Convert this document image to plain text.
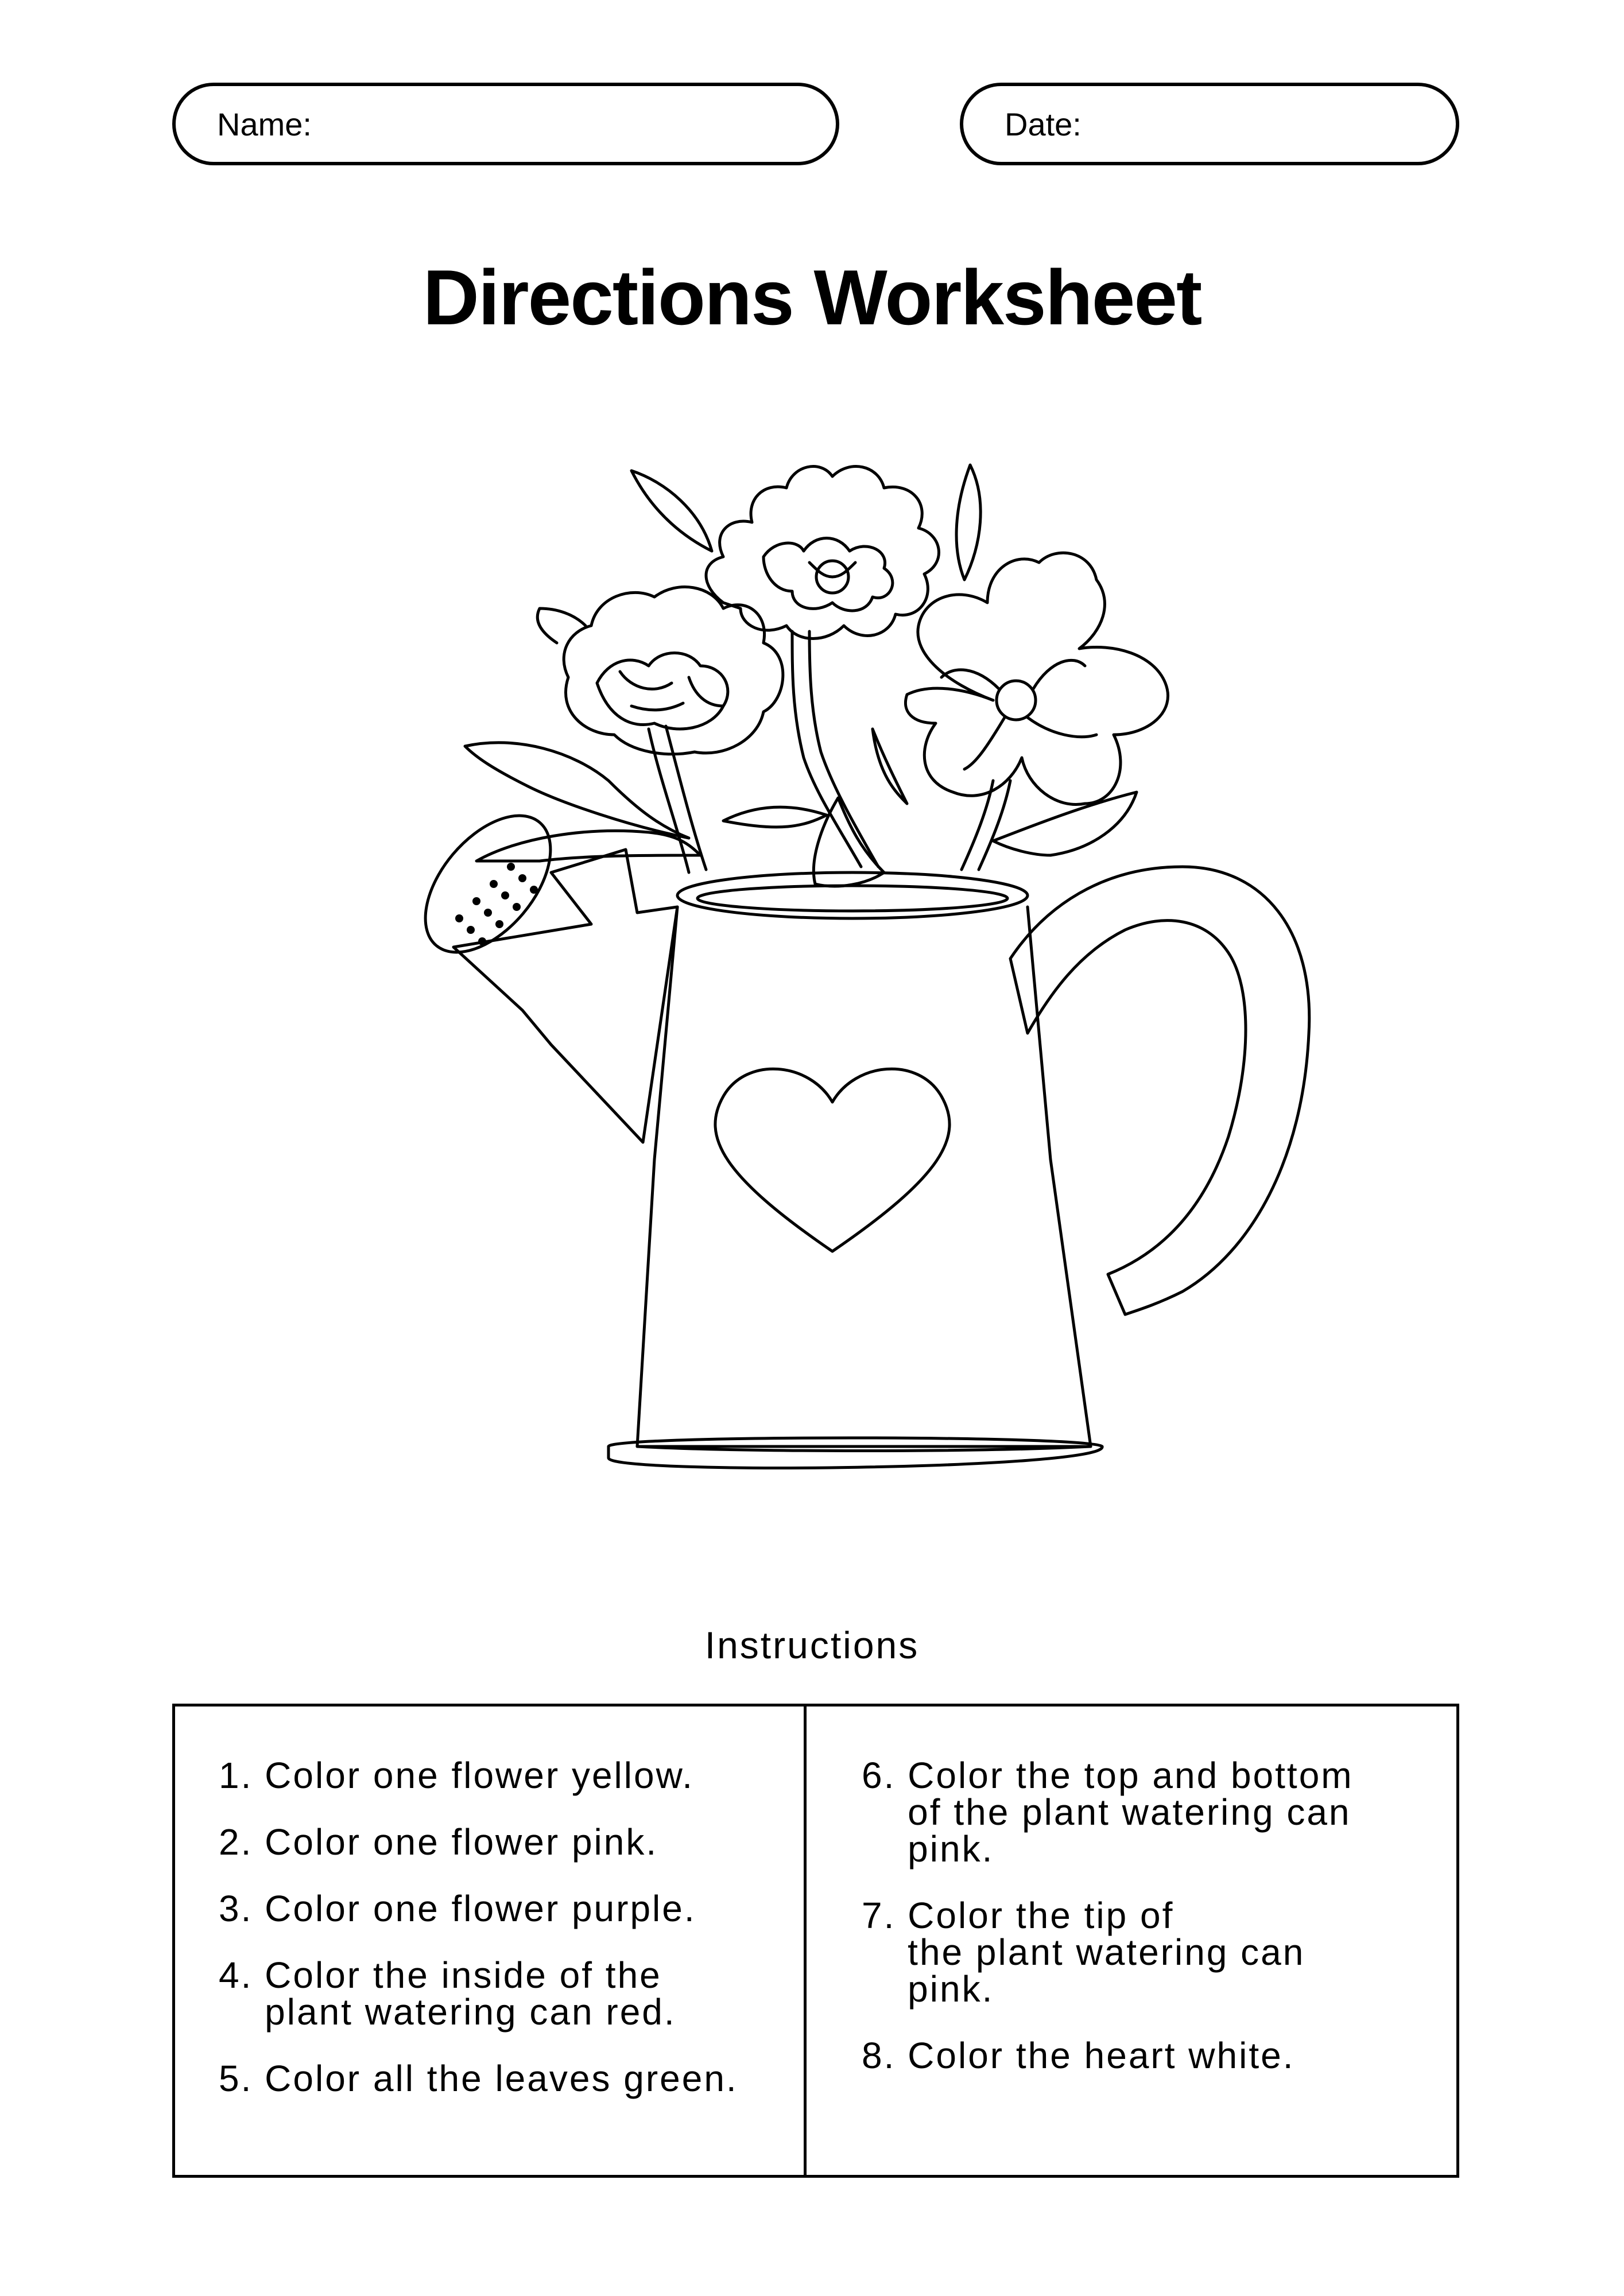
Name:	Date:
Directions Worksheet
Instructions
1. Color one flower yellow.
2. Color one flower pink.
3. Color one flower purple.
4. Color the inside of the
plant watering can red.
5. Color all the leaves green.
6. Color the top and bottom
of the plant watering can
pink.
7. Color the tip of
the plant watering can
pink.
8. Color the heart white.
